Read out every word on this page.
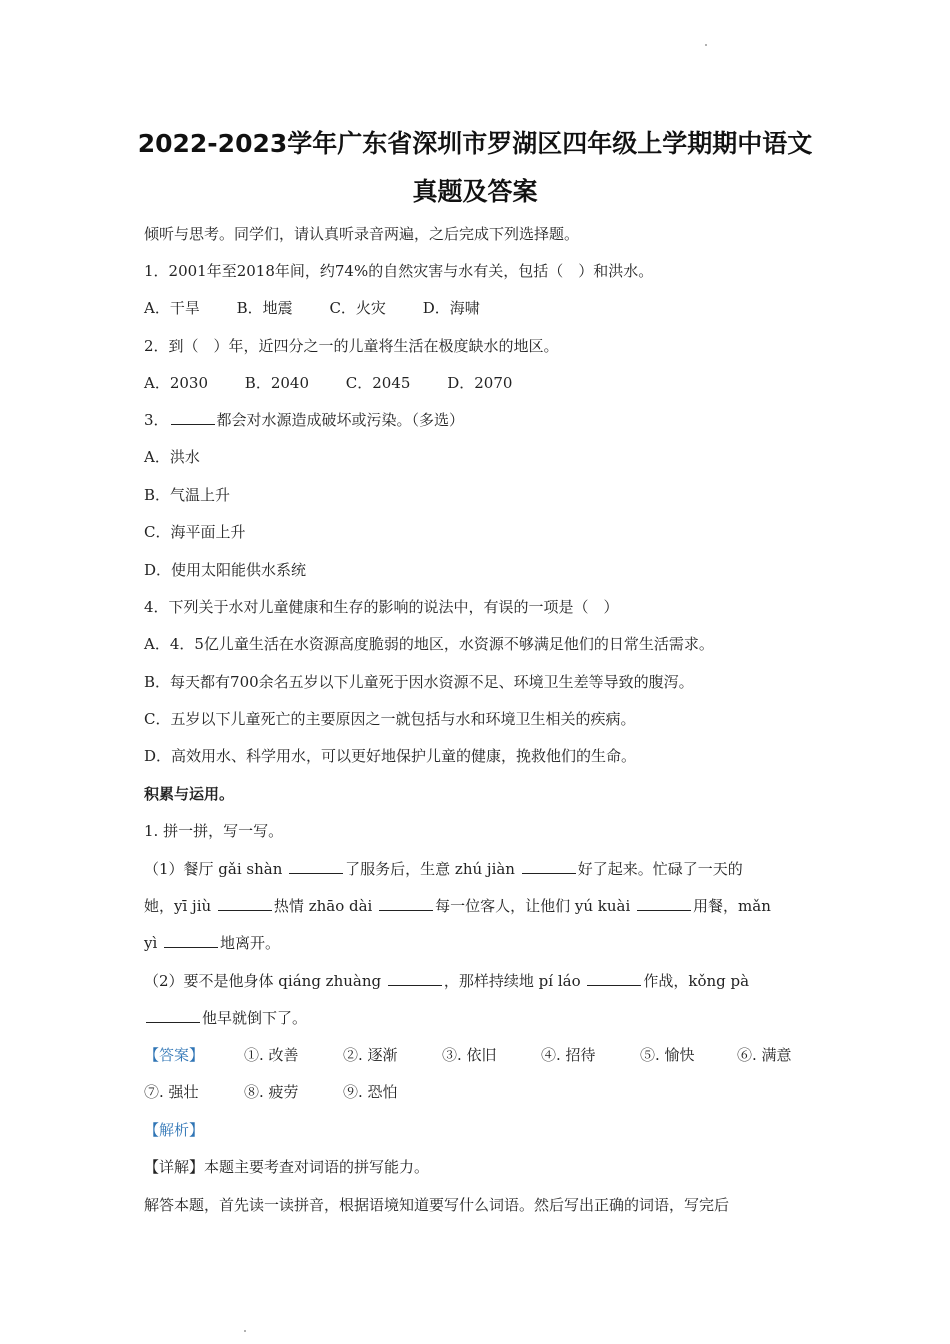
2022-2023学年广东省深圳市罗湖区四年级上学期期中语文
真题及答案
倾听与思考。同学们，请认真听录音两遍，之后完成下列选择题。
1．2001年至2018年间，约74%的自然灾害与水有关，包括（　）和洪水。
A．干旱 B．地震 C．火灾 D．海啸
2．到（　）年，近四分之一的儿童将生活在极度缺水的地区。
A．2030 B．2040 C．2045 D．2070
3．	都会对水源造成破坏或污染。（多选）
A．洪水
B．气温上升
C．海平面上升
D．使用太阳能供水系统
4．下列关于水对儿童健康和生存的影响的说法中，有误的一项是（　）
A．4．5亿儿童生活在水资源高度脆弱的地区，水资源不够满足他们的日常生活需求。
B．每天都有700余名五岁以下儿童死于因水资源不足、环境卫生差等导致的腹泻。
C．五岁以下儿童死亡的主要原因之一就包括与水和环境卫生相关的疾病。
D．高效用水、科学用水，可以更好地保护儿童的健康，挽救他们的生命。
积累与运用。
1. 拼一拼，写一写。
（1）餐厅 gǎi shàn	了服务后，生意 zhú jiàn	好了起来。忙碌了一天的
她，yī jiù	热情 zhāo dài	每一位客人，让他们 yú kuài	用餐，mǎn
yì	地离开。
（2）要不是他身体 qiáng zhuàng	，那样持续地 pí láo	作战，kǒng pà
他早就倒下了。
【答案】	①. 改善	②. 逐渐	③. 依旧	④. 招待	⑤. 愉快	⑥. 满意
⑦. 强壮	⑧. 疲劳	⑨. 恐怕
【解析】
【详解】本题主要考查对词语的拼写能力。
解答本题，首先读一读拼音，根据语境知道要写什么词语。然后写出正确的词语，写完后
